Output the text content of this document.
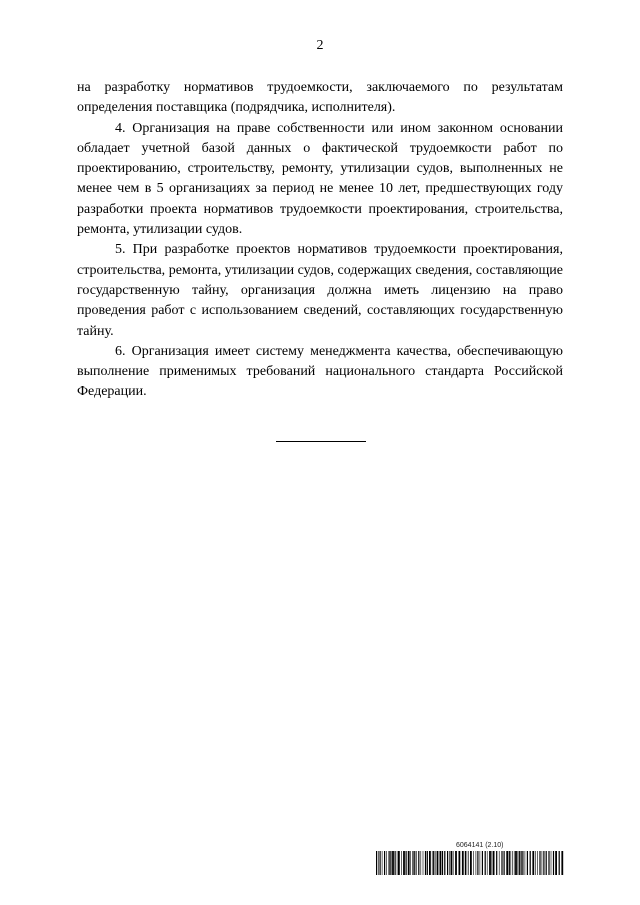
2

на разработку нормативов трудоемкости, заключаемого по результатам определения поставщика (подрядчика, исполнителя).

4. Организация на праве собственности или ином законном основании обладает учетной базой данных о фактической трудоемкости работ по проектированию, строительству, ремонту, утилизации судов, выполненных не менее чем в 5 организациях за период не менее 10 лет, предшествующих году разработки проекта нормативов трудоемкости проектирования, строительства, ремонта, утилизации судов.

5. При разработке проектов нормативов трудоемкости проектирования, строительства, ремонта, утилизации судов, содержащих сведения, составляющие государственную тайну, организация должна иметь лицензию на право проведения работ с использованием сведений, составляющих государственную тайну.

6. Организация имеет систему менеджмента качества, обеспечивающую выполнение применимых требований национального стандарта Российской Федерации.

6064141 (2.10)
